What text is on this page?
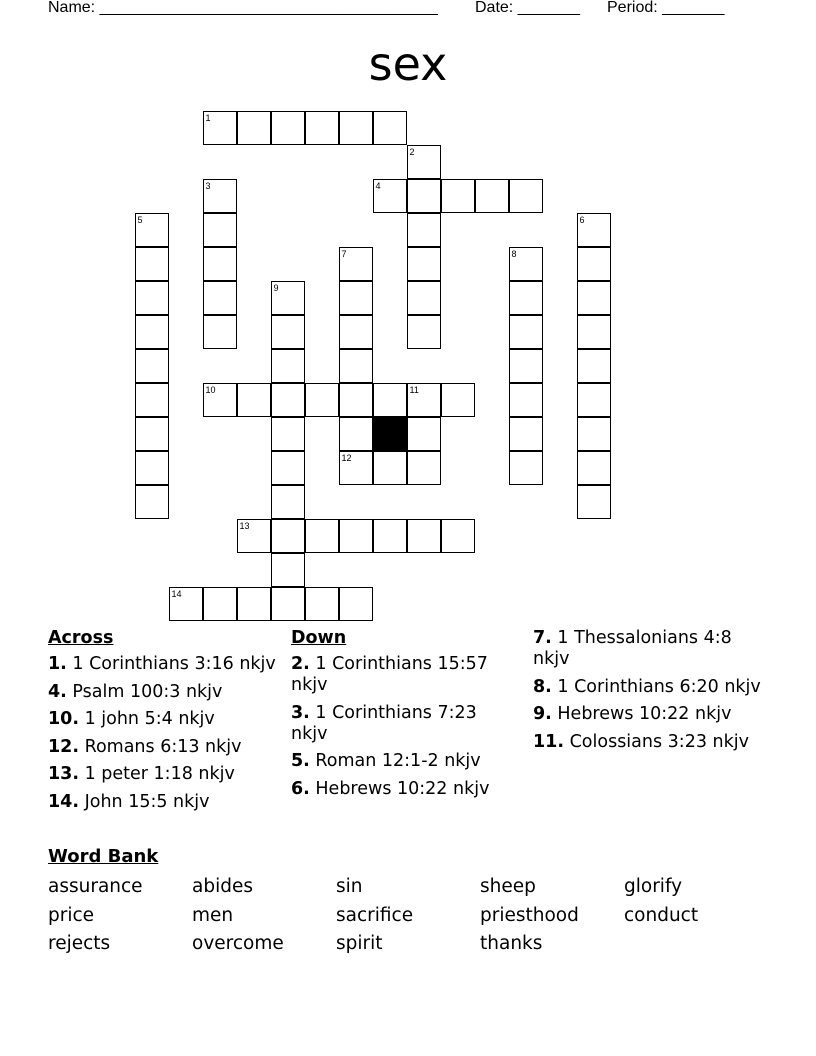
Name: ______________________________________ Date: _______ Period: _______
sex
1
4
10	11
12
13
14
2
3
5	6
7	8
9
Across
1. 1 Corinthians 3:16 nkjv
4. Psalm 100:3 nkjv
10. 1 john 5:4 nkjv
12. Romans 6:13 nkjv
13. 1 peter 1:18 nkjv
14. John 15:5 nkjv
Down
2. 1 Corinthians 15:57 nkjv
3. 1 Corinthians 7:23 nkjv
5. Roman 12:1-2 nkjv
6. Hebrews 10:22 nkjv
7. 1 Thessalonians 4:8 nkjv
8. 1 Corinthians 6:20 nkjv
9. Hebrews 10:22 nkjv
11. Colossians 3:23 nkjv
Word Bank
assurance	abides	sin	sheep	glorify
price	men	sacrifice	priesthood	conduct
rejects	overcome	spirit	thanks
